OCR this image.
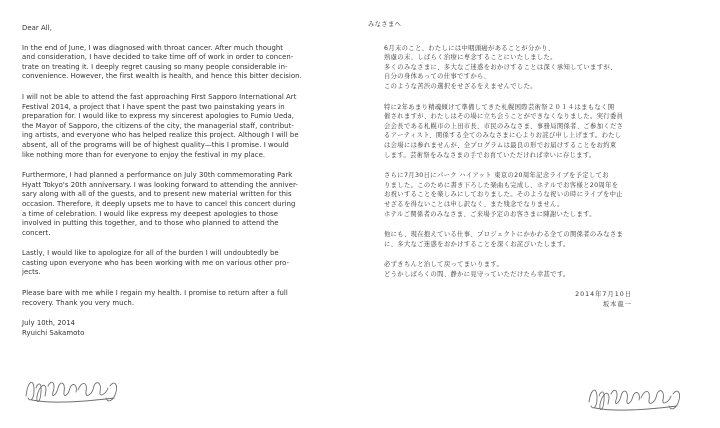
Dear All,

In the end of June, I was diagnosed with throat cancer. After much thought
and consideration, I have decided to take time off of work in order to concen-
trate on treating it. I deeply regret causing so many people considerable in-
convenience. However, the first wealth is health, and hence this bitter decision.

I will not be able to attend the fast approaching First Sapporo International Art
Festival 2014, a project that I have spent the past two painstaking years in
preparation for. I would like to express my sincerest apologies to Fumio Ueda,
the Mayor of Sapporo, the citizens of the city, the managerial staff, contribut-
ing artists, and everyone who has helped realize this project. Although I will be
absent, all of the programs will be of highest quality—this I promise. I would
like nothing more than for everyone to enjoy the festival in my place.

Furthermore, I had planned a performance on July 30th commemorating Park
Hyatt Tokyo's 20th anniversary. I was looking forward to attending the anniver-
sary along with all of the guests, and to present new material written for this
occasion. Therefore, it deeply upsets me to have to cancel this concert during
a time of celebration. I would like express my deepest apologies to those
involved in putting this together, and to those who planned to attend the
concert.

Lastly, I would like to apologize for all of the burden I will undoubtedly be
casting upon everyone who has been working with me on various other pro-
jects.

Please bare with me while I regain my health. I promise to return after a full
recovery. Thank you very much.

July 10th, 2014

Ryuichi Sakamoto

みなさまへ

6月末のこと、わたしには中咽頭癌があることが分かり、
熟慮の末、しばらく治療に専念することにいたしました。
多くのみなさまに、多大なご迷惑をおかけすることは深く承知していますが、
自分の身体あっての仕事ですから、
このような苦渋の選択をせざるをえませんでした。

特に2年あまり精魂傾けて準備してきた札幌国際芸術祭２０１４はまもなく開
催されますが、わたしはその場に立ち会うことができなくなりました。実行委員
会会長である札幌市の上田市長、市民のみなさま、事務局関係者、ご参加くださ
るアーティスト、関係する全てのみなさまに心よりお詫び申し上げます。わたし
は会場には参れませんが、全プログラムは最良の形でお届けすることをお約束
します。芸術祭をみなさまの手でお育ていただければ幸いに存じます。

さらに7月30日にパーク ハイアット 東京の20周年記念ライブを予定してお
りました。このために書き下ろした楽曲も完成し、ホテルでお客様と20周年を
お祝いすることを楽しみにしておりました。そのような祝いの時にライブを中止
せざるを得ないことは申し訳なく、また残念でなりません。
ホテルご関係者のみなさま、ご来場予定のお客さまに陳謝いたします。

他にも、現在抱えている仕事、プロジェクトにかかわる全ての関係者のみなさま
に、多大なご迷惑をおかけすることを深くお詫びいたします。

必ずきちんと治して戻ってまいります。
どうかしばらくの間、静かに見守っていただけたら幸甚です。

2014年7月10日

坂本龍一
